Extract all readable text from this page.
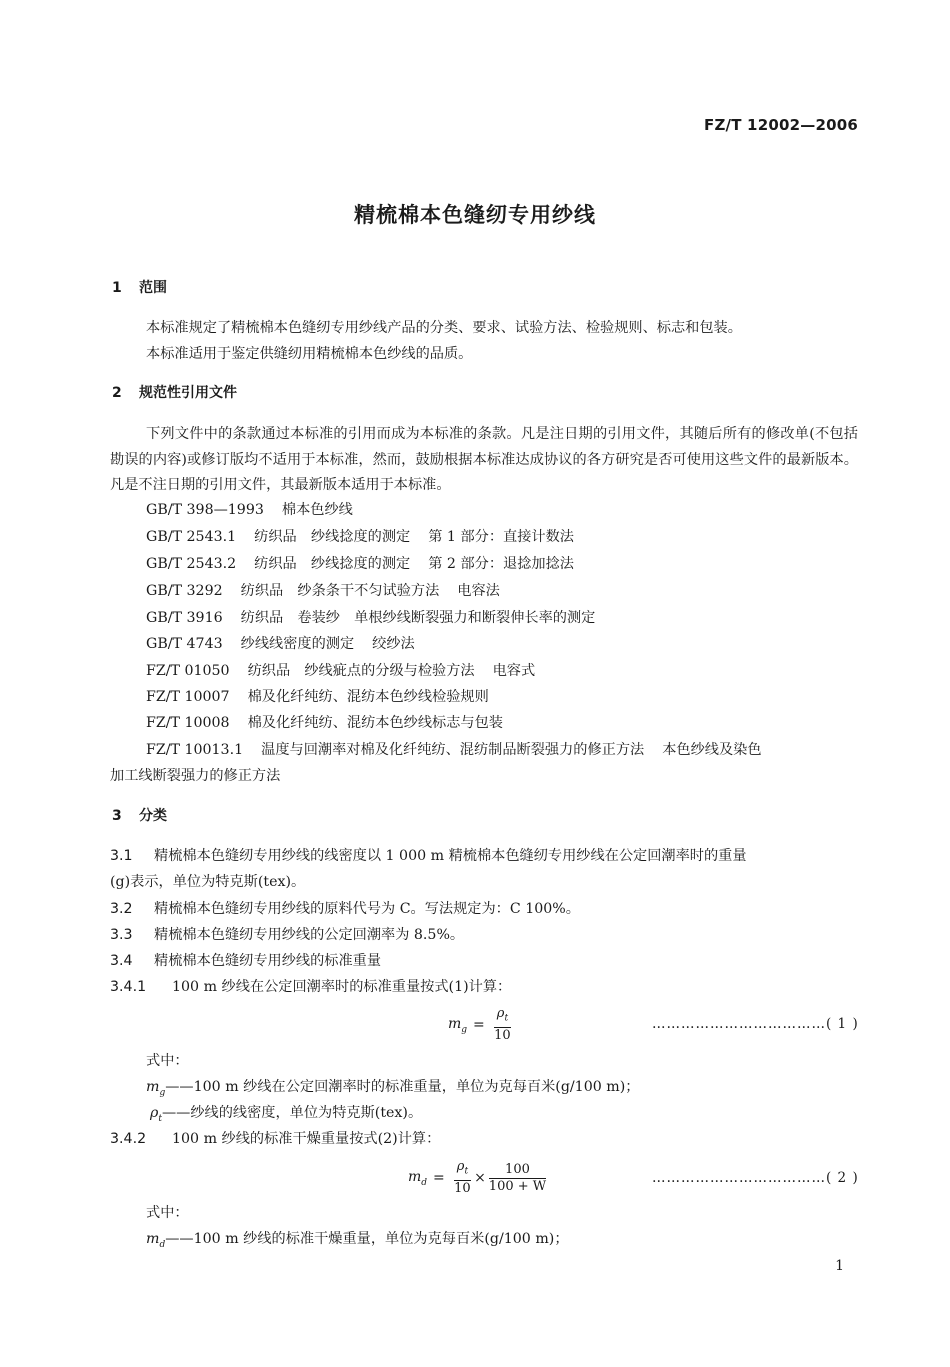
FZ/T 12002—2006
精梳棉本色缝纫专用纱线
1 范围
本标准规定了精梳棉本色缝纫专用纱线产品的分类、要求、试验方法、检验规则、标志和包装。
本标准适用于鉴定供缝纫用精梳棉本色纱线的品质。
2 规范性引用文件
下列文件中的条款通过本标准的引用而成为本标准的条款。凡是注日期的引用文件，其随后所有的修改单(不包括勘误的内容)或修订版均不适用于本标准，然而，鼓励根据本标准达成协议的各方研究是否可使用这些文件的最新版本。凡是不注日期的引用文件，其最新版本适用于本标准。
GB/T 398—1993 棉本色纱线
GB/T 2543.1 纺织品　纱线捻度的测定 第 1 部分：直接计数法
GB/T 2543.2 纺织品　纱线捻度的测定 第 2 部分：退捻加捻法
GB/T 3292 纺织品　纱条条干不匀试验方法 电容法
GB/T 3916 纺织品　卷装纱　单根纱线断裂强力和断裂伸长率的测定
GB/T 4743 纱线线密度的测定 绞纱法
FZ/T 01050 纺织品　纱线疵点的分级与检验方法 电容式
FZ/T 10007 棉及化纤纯纺、混纺本色纱线检验规则
FZ/T 10008 棉及化纤纯纺、混纺本色纱线标志与包装
FZ/T 10013.1 温度与回潮率对棉及化纤纯纺、混纺制品断裂强力的修正方法 本色纱线及染色
加工线断裂强力的修正方法
3 分类
3.1 精梳棉本色缝纫专用纱线的线密度以 1 000 m 精梳棉本色缝纫专用纱线在公定回潮率时的重量
(g)表示，单位为特克斯(tex)。
3.2 精梳棉本色缝纫专用纱线的原料代号为 C。写法规定为：C 100%。
3.3 精梳棉本色缝纫专用纱线的公定回潮率为 8.5%。
3.4 精梳棉本色缝纫专用纱线的标准重量
3.4.1 100 m 纱线在公定回潮率时的标准重量按式(1)计算：
$m_g = \frac{\rho_t}{10}$	………………………………( 1 )
式中：
$m_g——100$ m 纱线在公定回潮率时的标准重量，单位为克每百米(g/100 m)；
$\rho_t——$纱线的线密度，单位为特克斯(tex)。
3.4.2 100 m 纱线的标准干燥重量按式(2)计算：
$m_d = \frac{\rho_t}{10} \times \frac{100}{100 + W}$	………………………………( 2 )
式中：
$m_d——100$ m 纱线的标准干燥重量，单位为克每百米(g/100 m)；
1
